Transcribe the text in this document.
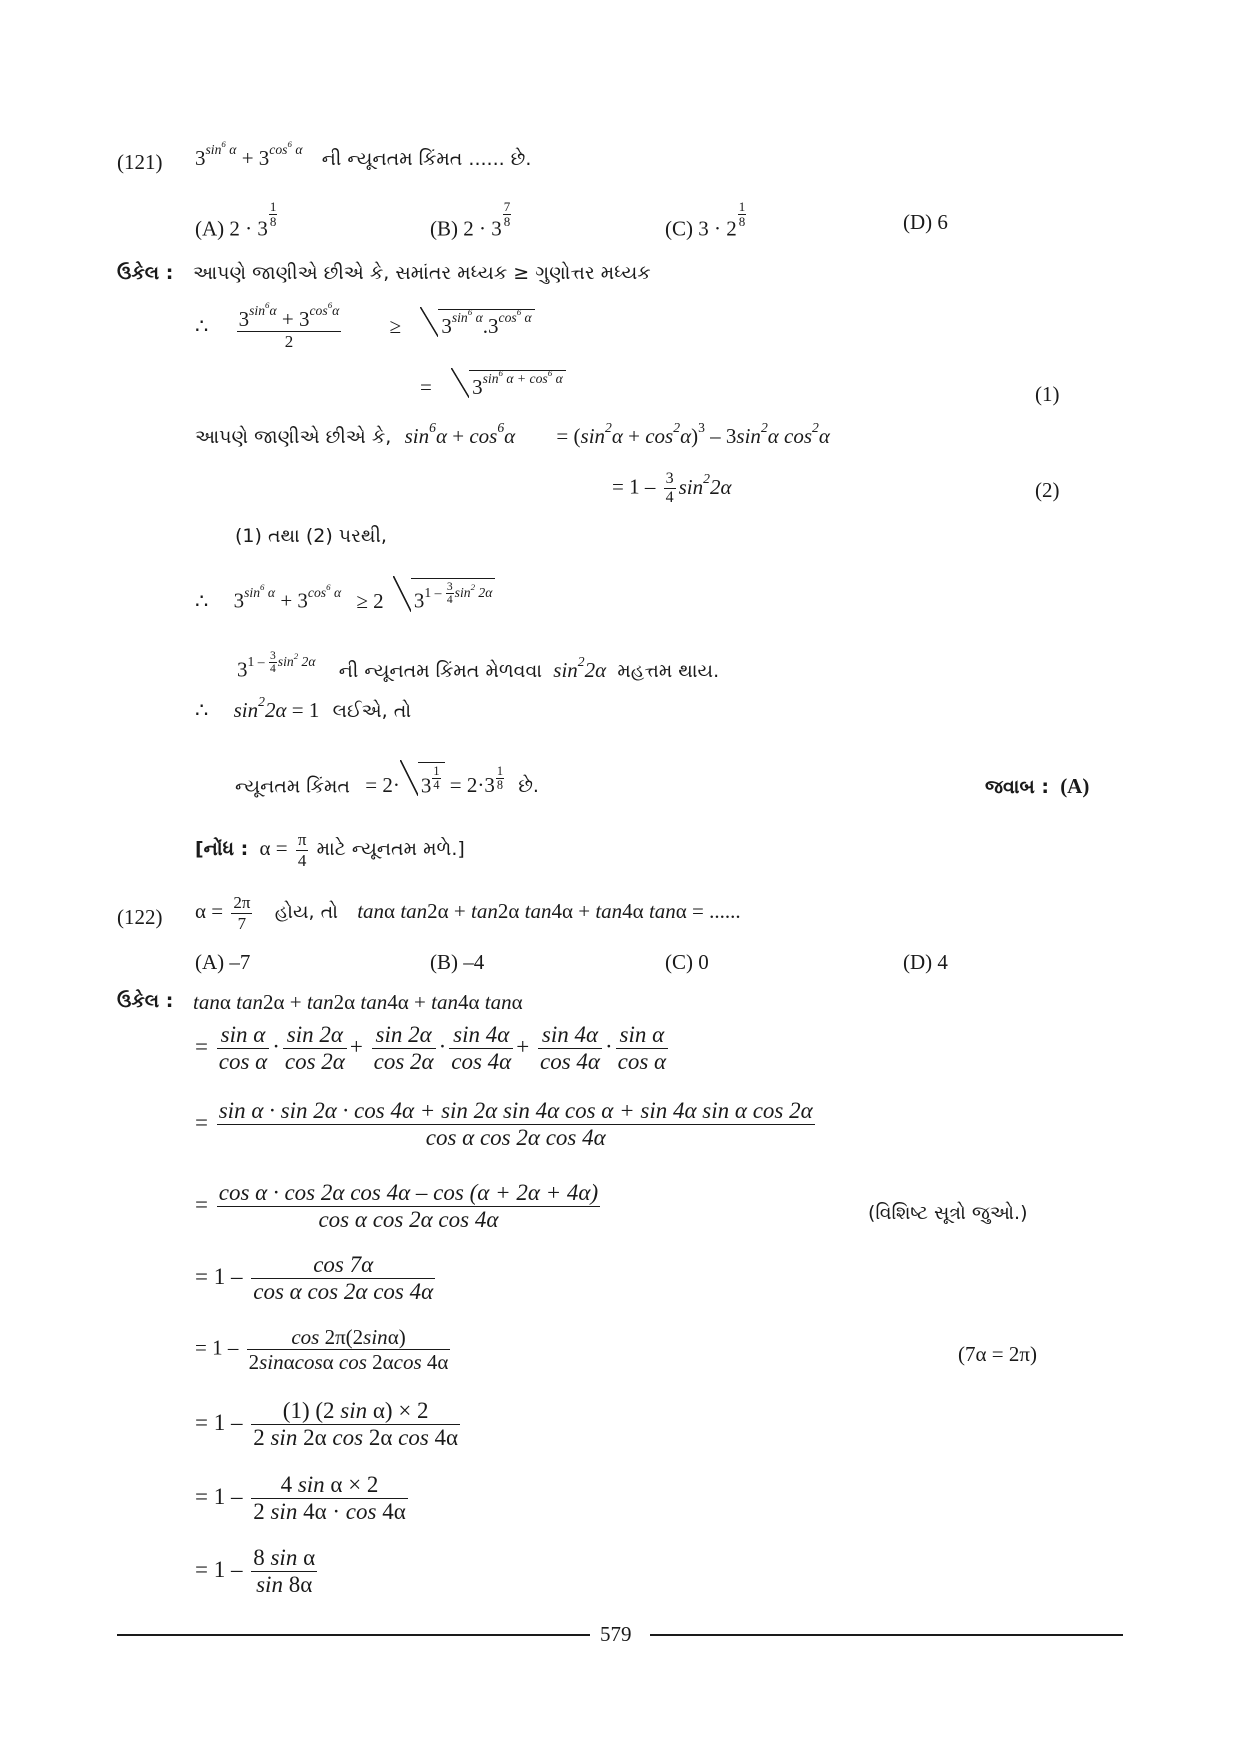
(121) $3^{sin^6 \alpha} + 3^{cos^6 \alpha}$ ની ન્યૂનતમ કિંમત ...... છે.
(A) 2 · 3
$\frac{1}{8}$
(B) 2 · 3
$\frac{7}{8}$
(C) 3 · 2
$\frac{1}{8}$	(D) 6
ઉકેલ : આપણે જાણીએ છીએ કે, સમાંતર મધ્યક ≥ ગુણોત્તર મધ્યક
∴ $\frac{3^{sin^6\alpha} + 3^{cos^6\alpha}}{2} \ge 3^{sin^6 \alpha}.3^{cos^6 \alpha}$
= $3^{sin^6 \alpha + cos^6 \alpha}$
(1)
આપણે જાણીએ છીએ કે, $\sin^6\alpha + \cos^6\alpha = (\sin^2\alpha + \cos^2\alpha)^3 - 3\sin^2\alpha$ $\cos^2\alpha$
= $1 - \frac{3}{4} \sin^22\alpha$	(2)
(1) તથા (2) પરથી,
∴ $3^{sin^6 \alpha} + 3^{cos^6 \alpha} \ge 2$ $3^{1 - \frac{3}{4} sin^2 2\alpha}$
$3^{1 - \frac{3}{4} sin^2 2\alpha}$ ની ન્યૂનતમ કિંમત મેળવવા $\sin^22\alpha$ મહત્તમ થાય.
∴ $\sin^22\alpha = 1$ લઈએ, તો
ન્યૂનતમ કિંમત = 2· 3 $^{\frac{1}{4}}$ = 2·3 $^{\frac{1}{8}}$ છે.	જવાબ : (A)
[નોંધ : $\alpha = \frac{\pi}{4}$ માટે ન્યૂનતમ મળે.]
(122) $\alpha = \frac{2\pi}{7}$ હોય, તો tanα tan2α + tan2α tan4α + tan4α tanα = ......
(A) –7	(B) –4	(C) 0	(D) 4
ઉકેલ : tanα tan2α + tan2α tan4α + tan4α tanα
= $\frac{\text{sin α}}{\text{cos α}} \cdot \frac{\sin 2\alpha}{\cos 2\alpha} + \frac{\sin 2\alpha}{\cos 2\alpha} \cdot \frac{\sin 4\alpha}{\cos 4\alpha} + \frac{\sin 4\alpha}{\cos 4\alpha} \cdot \frac{\text{sin α}}{\text{cos α}}$
= sin α · sin 2α · cos 4α + sin 2α sin 4α cos α + sin 4α sin α cos 2α
cos α cos 2α cos 4α
= $\frac{\text{cos α · cos 2α cos 4α – cos (α + 2α + 4α)}}{\text{cos α cos 2α cos 4α}}$	(વિશિષ્ટ સૂત્રો જુઓ.)
= $1 - \frac{\cos 7\alpha}{\text{cos α cos 2α cos 4α}}$
= $1 - \frac{\cos 2\pi(2\sin\alpha)}{\text{2sinαcosα cos 2αcos 4α}}$	(7α = 2π)
= $1 - \frac{\text{(1) (2 sin α) × 2}}{\text{2 sin 2α cos 2α cos 4α}}$
= $1 - \frac{\text{4 sin α × 2}}{2 \sin 4\alpha \cdot \cos 4\alpha}$
= $1 - \frac{\text{8 sin α}}{\sin 8\alpha}$
579
